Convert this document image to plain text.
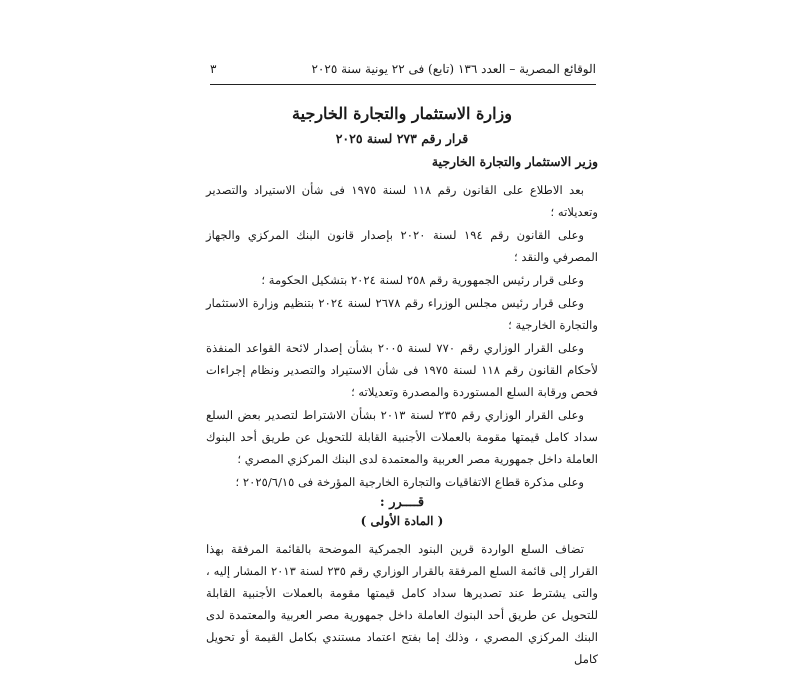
٣	الوقائع المصرية – العدد ١٣٦ (تابع) فى ٢٢ يونية سنة ٢٠٢٥
وزارة الاستثمار والتجارة الخارجية
قرار رقم ٢٧٣ لسنة ٢٠٢٥
وزير الاستثمار والتجارة الخارجية

بعد الاطلاع على القانون رقم ١١٨ لسنة ١٩٧٥ فى شأن الاستيراد والتصدير وتعديلاته ؛

وعلى القانون رقم ١٩٤ لسنة ٢٠٢٠ بإصدار قانون البنك المركزي والجهاز المصرفي والنقد ؛

وعلى قرار رئيس الجمهورية رقم ٢٥٨ لسنة ٢٠٢٤ بتشكيل الحكومة ؛

وعلى قرار رئيس مجلس الوزراء رقم ٢٦٧٨ لسنة ٢٠٢٤ بتنظيم وزارة الاستثمار والتجارة الخارجية ؛

وعلى القرار الوزاري رقم ٧٧٠ لسنة ٢٠٠٥ بشأن إصدار لائحة القواعد المنفذة لأحكام القانون رقم ١١٨ لسنة ١٩٧٥ فى شأن الاستيراد والتصدير ونظام إجراءات فحص ورقابة السلع المستوردة والمصدرة وتعديلاته ؛

وعلى القرار الوزاري رقم ٢٣٥ لسنة ٢٠١٣ بشأن الاشتراط لتصدير بعض السلع سداد كامل قيمتها مقومة بالعملات الأجنبية القابلة للتحويل عن طريق أحد البنوك العاملة داخل جمهورية مصر العربية والمعتمدة لدى البنك المركزي المصري ؛

وعلى مذكرة قطاع الاتفاقيات والتجارة الخارجية المؤرخة فى ٢٠٢٥/٦/١٥ ؛

قــــرر :
( المادة الأولى )

تضاف السلع الواردة قرين البنود الجمركية الموضحة بالقائمة المرفقة بهذا القرار إلى قائمة السلع المرفقة بالقرار الوزاري رقم ٢٣٥ لسنة ٢٠١٣ المشار إليه ، والتى يشترط عند تصديرها سداد كامل قيمتها مقومة بالعملات الأجنبية القابلة للتحويل عن طريق أحد البنوك العاملة داخل جمهورية مصر العربية والمعتمدة لدى البنك المركزي المصري ، وذلك إما بفتح اعتماد مستندي بكامل القيمة أو تحويل كامل
